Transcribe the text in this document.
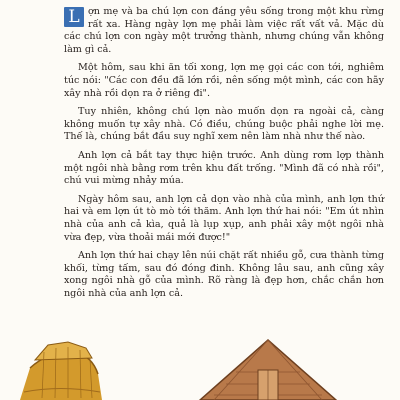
L ợn mẹ và ba chú lợn con đáng yêu sống trong một khu rừng rất xa. Hàng ngày lợn mẹ phải làm việc rất vất vả. Mặc dù các chú lợn con ngày một trưởng thành, nhưng chúng vẫn không làm gì cả.

Một hôm, sau khi ăn tối xong, lợn mẹ gọi các con tới, nghiêm túc nói: "Các con đều đã lớn rồi, nên sống một mình, các con hãy xây nhà rồi dọn ra ở riêng đi".

Tuy nhiên, không chú lợn nào muốn dọn ra ngoài cả, càng không muốn tự xây nhà. Có điều, chúng buộc phải nghe lời mẹ. Thế là, chúng bắt đầu suy nghĩ xem nên làm nhà như thế nào.

Anh lợn cả bắt tay thực hiện trước. Anh dùng rơm lợp thành một ngôi nhà bằng rơm trên khu đất trống. "Mình đã có nhà rồi", chú vui mừng nhảy múa.

Ngày hôm sau, anh lợn cả dọn vào nhà của mình, anh lợn thứ hai và em lợn út tò mò tới thăm. Anh lợn thứ hai nói: "Em út nhìn nhà của anh cả kìa, quả là lụp xụp, anh phải xây một ngôi nhà vừa đẹp, vừa thoải mái mới được!"

Anh lợn thứ hai chạy lên núi chặt rất nhiều gỗ, cưa thành từng khối, từng tấm, sau đó đóng đinh. Không lâu sau, anh cũng xây xong ngôi nhà gỗ của mình. Rõ ràng là đẹp hơn, chắc chắn hơn ngôi nhà của anh lợn cả.
